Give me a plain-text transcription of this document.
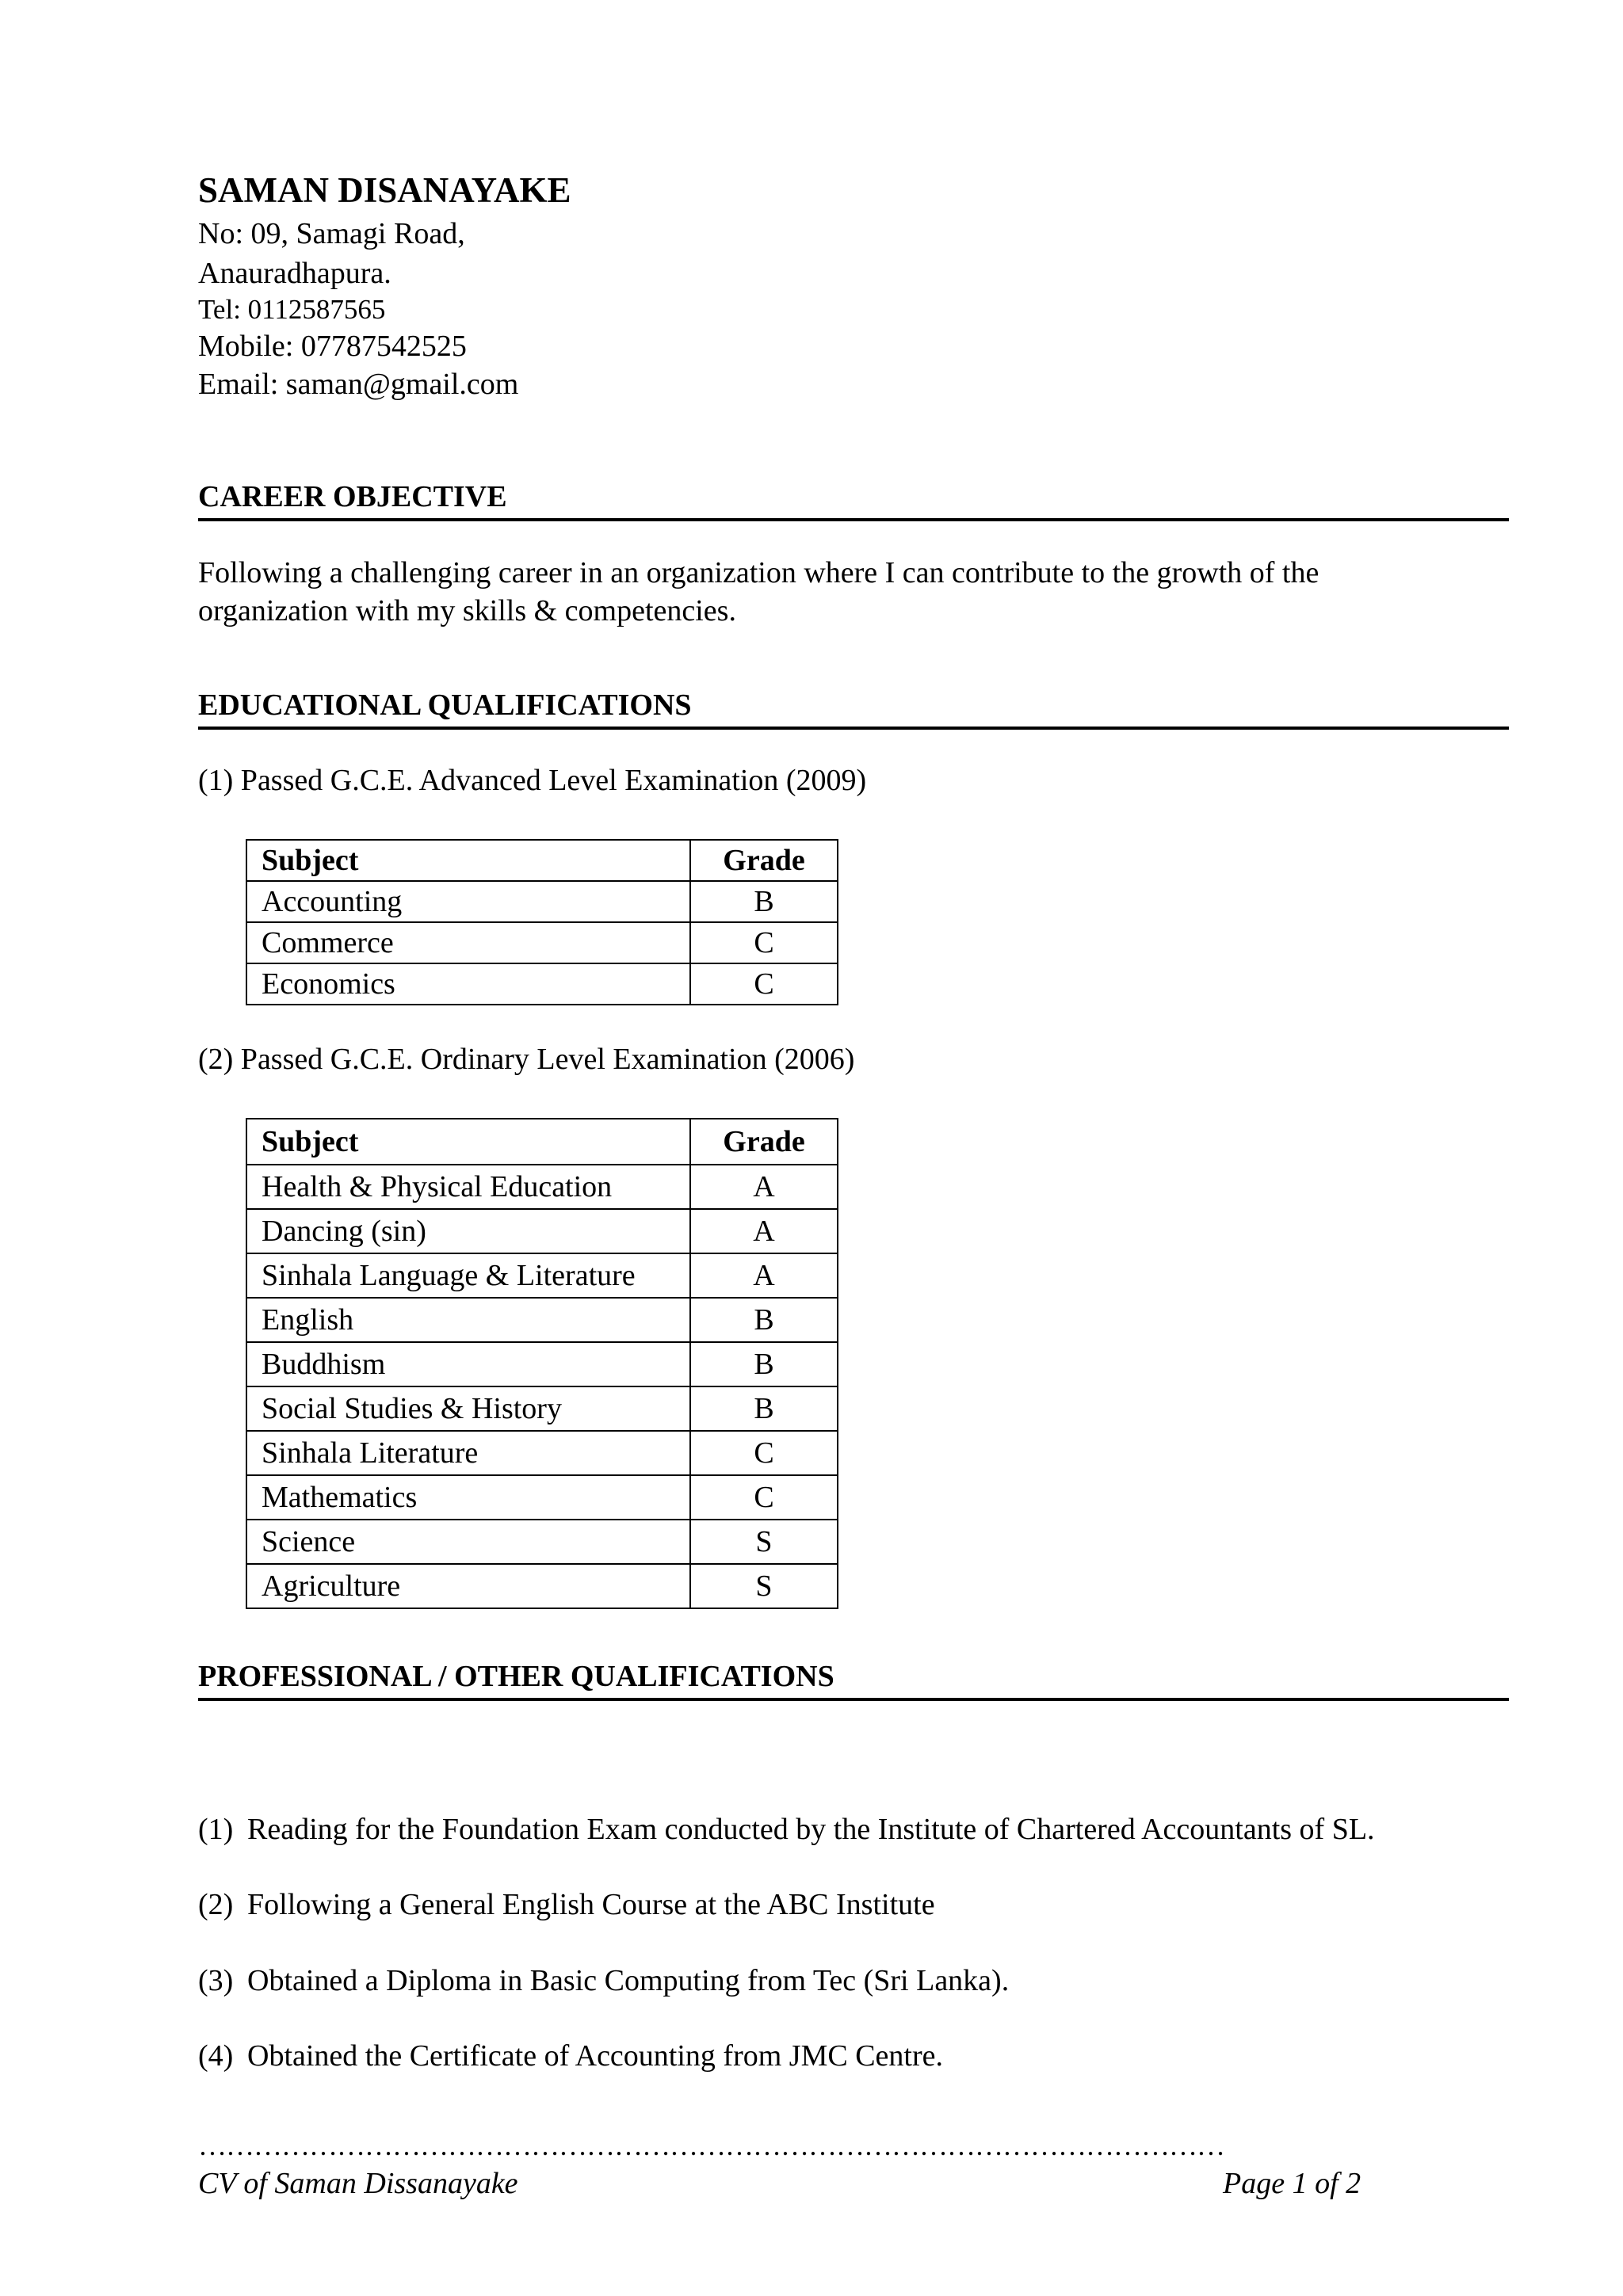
SAMAN DISANAYAKE
No: 09, Samagi Road,
Anauradhapura.
Tel: 0112587565
Mobile: 07787542525
Email: saman@gmail.com
CAREER OBJECTIVE
Following a challenging career in an organization where I can contribute to the growth of the
organization with my skills & competencies.
EDUCATIONAL QUALIFICATIONS
(1) Passed G.C.E. Advanced Level Examination (2009)
Subject	Grade
Accounting	B
Commerce	C
Economics	C
(2) Passed G.C.E. Ordinary Level Examination (2006)
Subject	Grade
Health & Physical Education	A
Dancing (sin)	A
Sinhala Language & Literature	A
English	B
Buddhism	B
Social Studies & History	B
Sinhala Literature	C
Mathematics	C
Science	S
Agriculture	S
PROFESSIONAL / OTHER QUALIFICATIONS
(1) Reading for the Foundation Exam conducted by the Institute of Chartered Accountants of SL.
(2) Following a General English Course at the ABC Institute
(3) Obtained a Diploma in Basic Computing from Tec (Sri Lanka).
(4) Obtained the Certificate of Accounting from JMC Centre.
…………………………………………………………………………………………………
CV of Saman Dissanayake	Page 1 of 2
